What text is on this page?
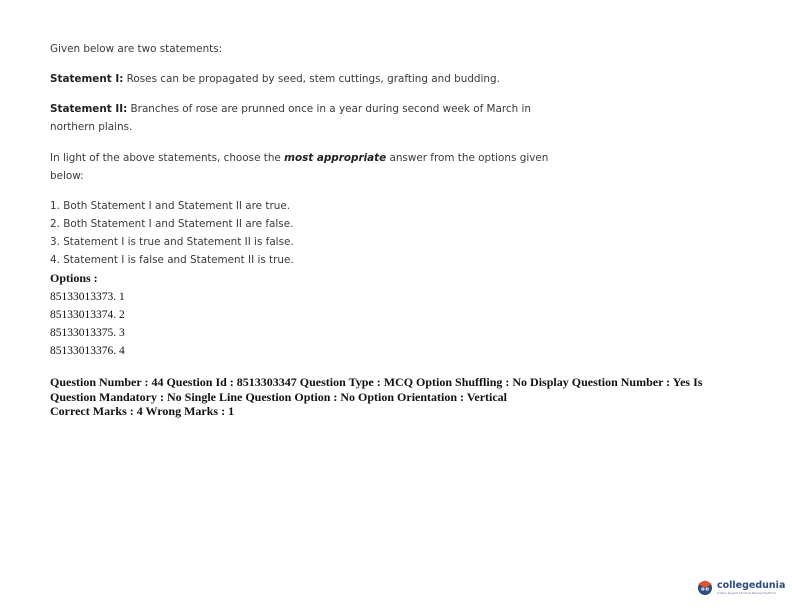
Given below are two statements:

Statement I: Roses can be propagated by seed, stem cuttings, grafting and budding.

Statement II: Branches of rose are prunned once in a year during second week of March in
northern plains.

In light of the above statements, choose the most appropriate answer from the options given
below:

1. Both Statement I and Statement II are true.
2. Both Statement I and Statement II are false.
3. Statement I is true and Statement II is false.
4. Statement I is false and Statement II is true.
Options :
85133013373. 1
85133013374. 2
85133013375. 3
85133013376. 4
Question Number : 44 Question Id : 8513303347 Question Type : MCQ Option Shuffling : No Display Question Number : Yes Is
Question Mandatory : No Single Line Question Option : No Option Orientation : Vertical
Correct Marks : 4 Wrong Marks : 1
collegedunia
India's largest Student Review Platform
